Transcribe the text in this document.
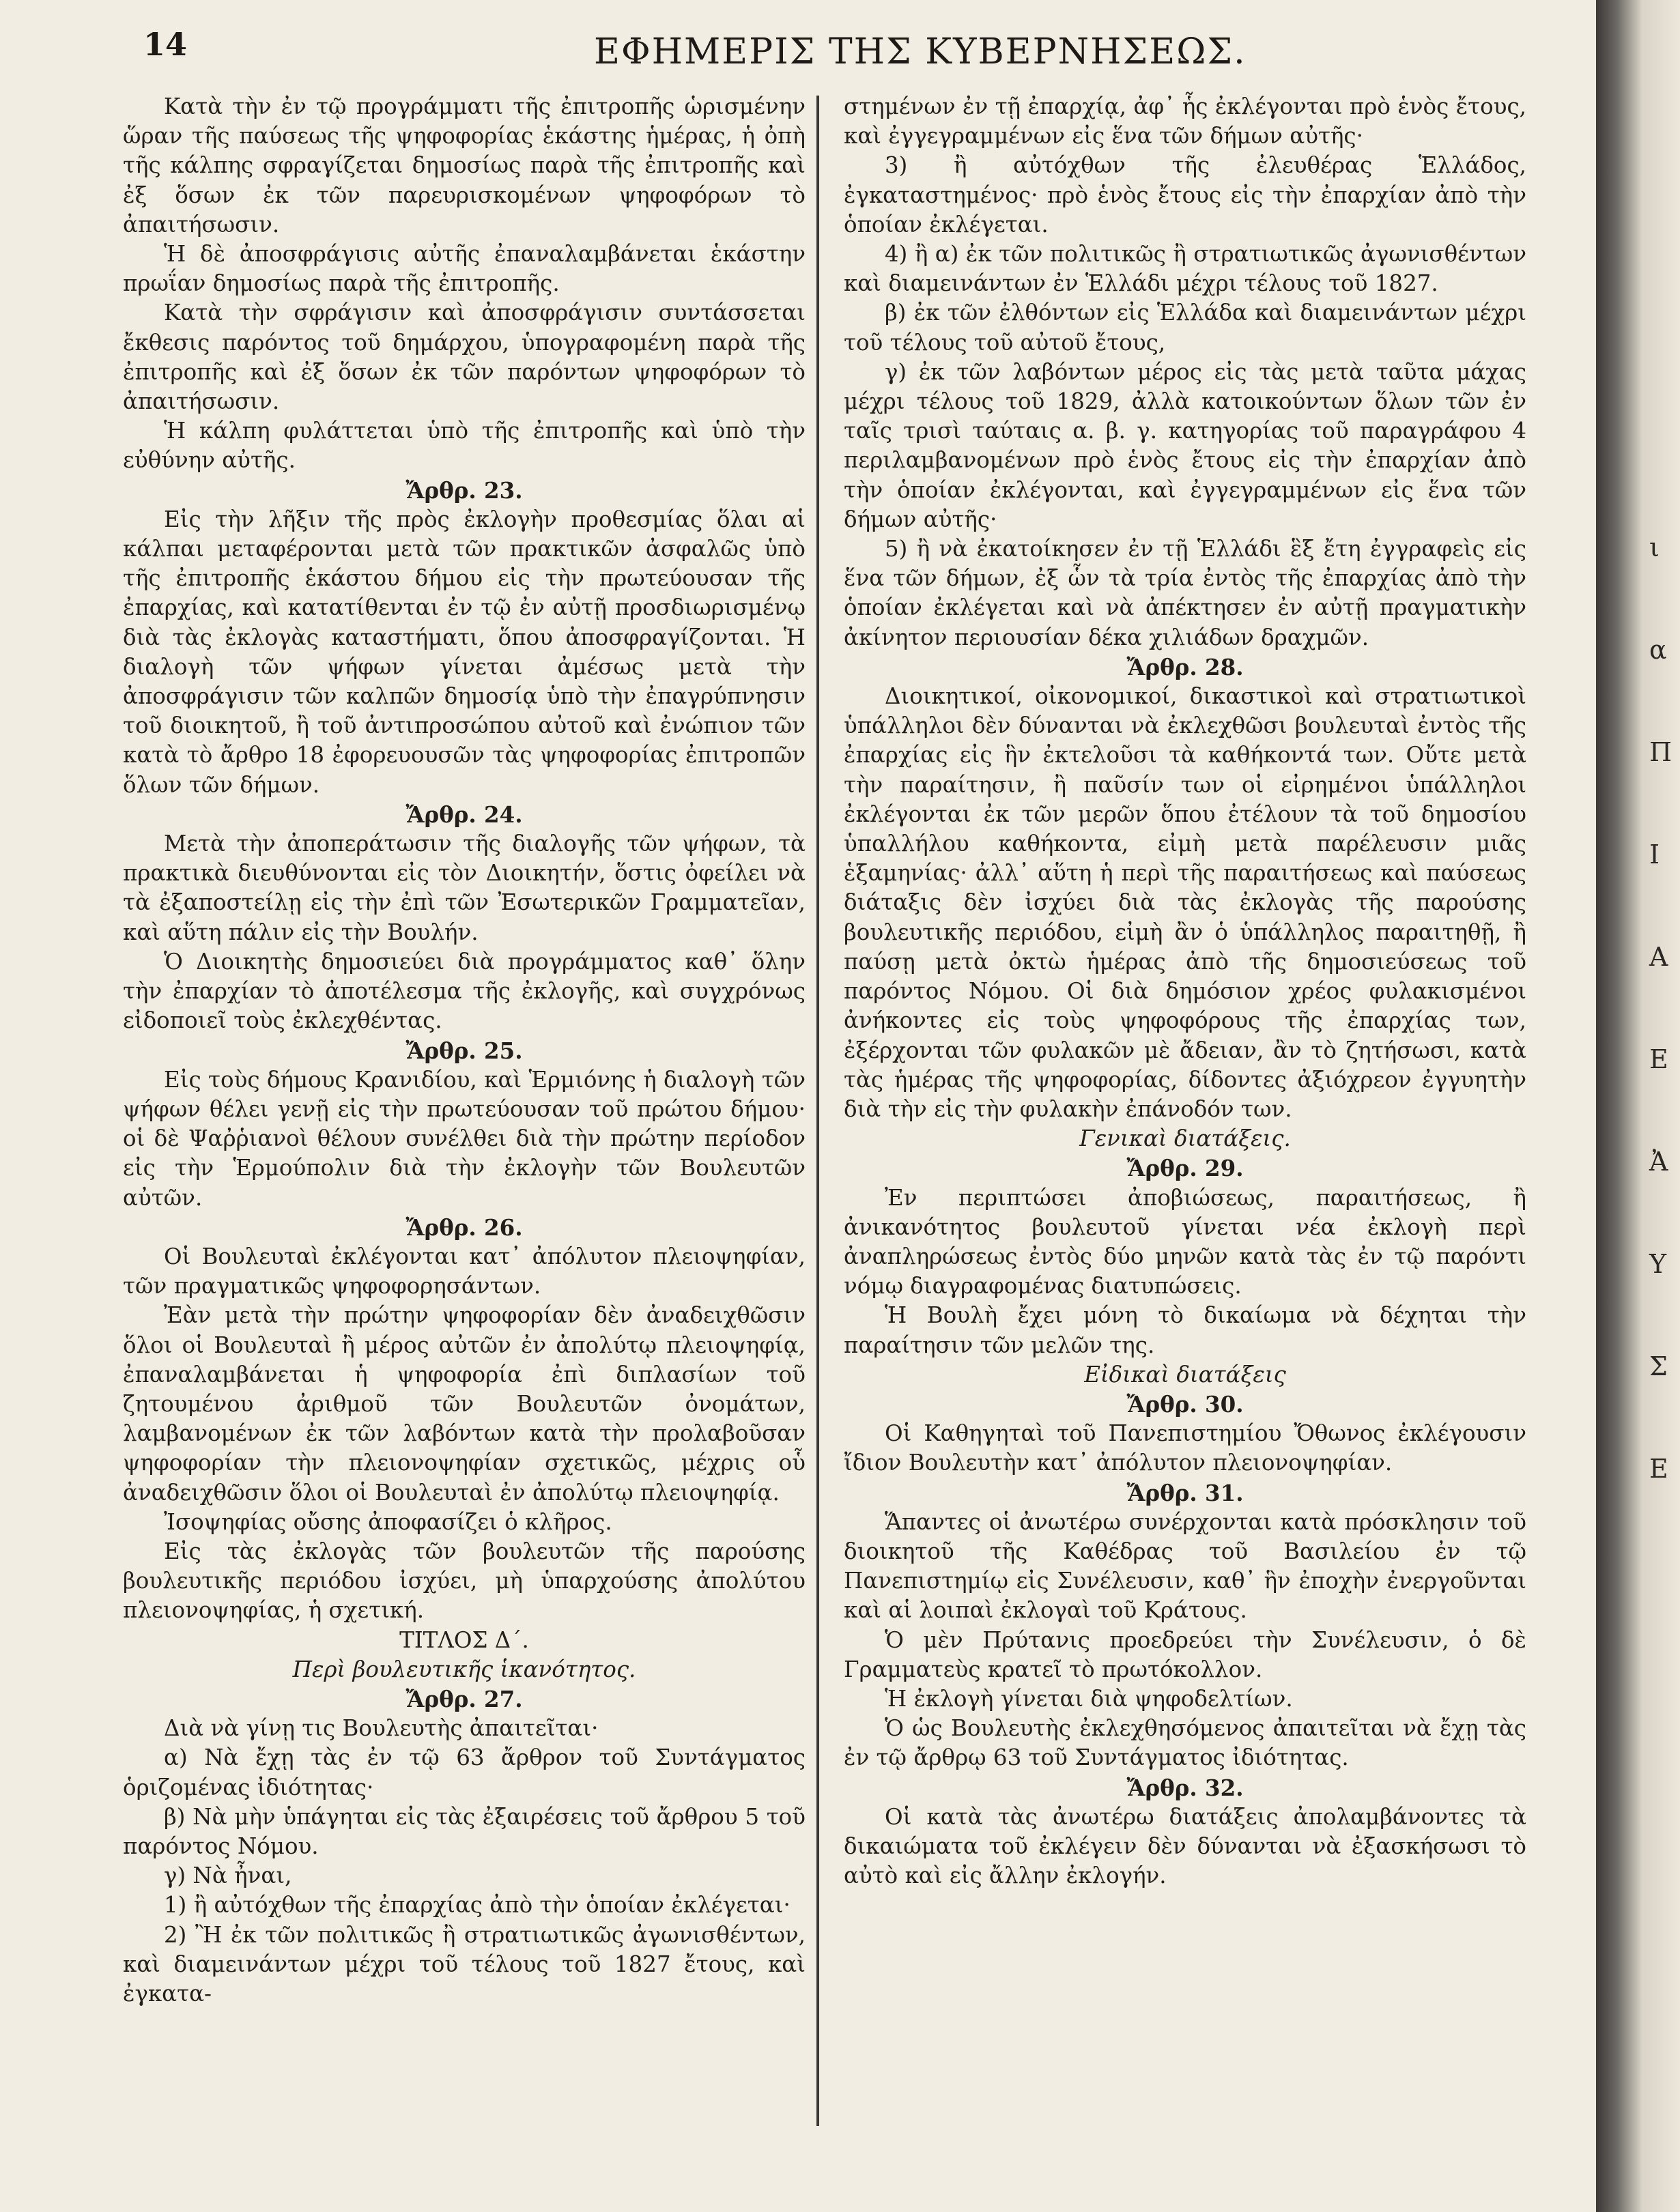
14	ΕΦΗΜΕΡΙΣ ΤΗΣ ΚΥΒΕΡΝΗΣΕΩΣ.

Κατὰ τὴν ἐν τῷ προγράμματι τῆς ἐπιτροπῆς ὡρισμένην ὥραν τῆς παύσεως τῆς ψηφοφορίας ἑκάστης ἡμέρας, ἡ ὀπὴ τῆς κάλπης σφραγίζεται δημοσίως παρὰ τῆς ἐπιτροπῆς καὶ ἐξ ὅσων ἐκ τῶν παρευρισκομένων ψηφοφόρων τὸ ἀπαιτήσωσιν.

Ἡ δὲ ἀποσφράγισις αὐτῆς ἐπαναλαμβάνεται ἑκάστην πρωΐαν δημοσίως παρὰ τῆς ἐπιτροπῆς.

Κατὰ τὴν σφράγισιν καὶ ἀποσφράγισιν συντάσσεται ἔκθεσις παρόντος τοῦ δημάρχου, ὑπογραφομένη παρὰ τῆς ἐπιτροπῆς καὶ ἐξ ὅσων ἐκ τῶν παρόντων ψηφοφόρων τὸ ἀπαιτήσωσιν.

Ἡ κάλπη φυλάττεται ὑπὸ τῆς ἐπιτροπῆς καὶ ὑπὸ τὴν εὐθύνην αὐτῆς.

Ἄρθρ. 23.

Εἰς τὴν λῆξιν τῆς πρὸς ἐκλογὴν προθεσμίας ὅλαι αἱ κάλπαι μεταφέρονται μετὰ τῶν πρακτικῶν ἀσφαλῶς ὑπὸ τῆς ἐπιτροπῆς ἑκάστου δήμου εἰς τὴν πρωτεύουσαν τῆς ἐπαρχίας, καὶ κατατίθενται ἐν τῷ ἐν αὐτῇ προσδιωρισμένῳ διὰ τὰς ἐκλογὰς καταστήματι, ὅπου ἀποσφραγίζονται. Ἡ διαλογὴ τῶν ψήφων γίνεται ἀμέσως μετὰ τὴν ἀποσφράγισιν τῶν καλπῶν δημοσίᾳ ὑπὸ τὴν ἐπαγρύπνησιν τοῦ διοικητοῦ, ἢ τοῦ ἀντιπροσώπου αὐτοῦ καὶ ἐνώπιον τῶν κατὰ τὸ ἄρθρο 18 ἐφορευουσῶν τὰς ψηφοφορίας ἐπιτροπῶν ὅλων τῶν δήμων.

Ἄρθρ. 24.

Μετὰ τὴν ἀποπεράτωσιν τῆς διαλογῆς τῶν ψήφων, τὰ πρακτικὰ διευθύνονται εἰς τὸν Διοικητήν, ὅστις ὀφείλει νὰ τὰ ἐξαποστείλῃ εἰς τὴν ἐπὶ τῶν Ἐσωτερικῶν Γραμματεῖαν, καὶ αὕτη πάλιν εἰς τὴν Βουλήν.

Ὁ Διοικητὴς δημοσιεύει διὰ προγράμματος καθ᾽ ὅλην τὴν ἐπαρχίαν τὸ ἀποτέλεσμα τῆς ἐκλογῆς, καὶ συγχρόνως εἰδοποιεῖ τοὺς ἐκλεχθέντας.

Ἄρθρ. 25.

Εἰς τοὺς δήμους Κρανιδίου, καὶ Ἑρμιόνης ἡ διαλογὴ τῶν ψήφων θέλει γενῇ εἰς τὴν πρωτεύουσαν τοῦ πρώτου δήμου· οἱ δὲ Ψαῤῥιανοὶ θέλουν συνέλθει διὰ τὴν πρώτην περίοδον εἰς τὴν Ἑρμούπολιν διὰ τὴν ἐκλογὴν τῶν Βουλευτῶν αὐτῶν.

Ἄρθρ. 26.

Οἱ Βουλευταὶ ἐκλέγονται κατ᾽ ἀπόλυτον πλειοψηφίαν, τῶν πραγματικῶς ψηφοφορησάντων.

Ἐὰν μετὰ τὴν πρώτην ψηφοφορίαν δὲν ἀναδειχθῶσιν ὅλοι οἱ Βουλευταὶ ἢ μέρος αὐτῶν ἐν ἀπολύτῳ πλειοψηφίᾳ, ἐπαναλαμβάνεται ἡ ψηφοφορία ἐπὶ διπλασίων τοῦ ζητουμένου ἀριθμοῦ τῶν Βουλευτῶν ὀνομάτων, λαμβανομένων ἐκ τῶν λαβόντων κατὰ τὴν προλαβοῦσαν ψηφοφορίαν τὴν πλειονοψηφίαν σχετικῶς, μέχρις οὗ ἀναδειχθῶσιν ὅλοι οἱ Βουλευταὶ ἐν ἀπολύτῳ πλειοψηφίᾳ.

Ἰσοψηφίας οὔσης ἀποφασίζει ὁ κλῆρος.

Εἰς τὰς ἐκλογὰς τῶν βουλευτῶν τῆς παρούσης βουλευτικῆς περιόδου ἰσχύει, μὴ ὑπαρχούσης ἀπολύτου πλειονοψηφίας, ἡ σχετική.

ΤΙΤΛΟΣ Δ΄.

Περὶ βουλευτικῆς ἱκανότητος.

Ἄρθρ. 27.

Διὰ νὰ γίνῃ τις Βουλευτὴς ἀπαιτεῖται·

α) Νὰ ἔχῃ τὰς ἐν τῷ 63 ἄρθρον τοῦ Συντάγματος ὁριζομένας ἰδιότητας·

β) Νὰ μὴν ὑπάγηται εἰς τὰς ἐξαιρέσεις τοῦ ἄρθρου 5 τοῦ παρόντος Νόμου.

γ) Νὰ ἦναι,

1) ἢ αὐτόχθων τῆς ἐπαρχίας ἀπὸ τὴν ὁποίαν ἐκλέγεται·

2) Ἢ ἐκ τῶν πολιτικῶς ἢ στρατιωτικῶς ἀγωνισθέντων, καὶ διαμεινάντων μέχρι τοῦ τέλους τοῦ 1827 ἔτους, καὶ ἐγκατα-

στημένων ἐν τῇ ἐπαρχίᾳ, ἀφ᾽ ἧς ἐκλέγονται πρὸ ἑνὸς ἔτους, καὶ ἐγγεγραμμένων εἰς ἕνα τῶν δήμων αὐτῆς·

3) ἢ αὐτόχθων τῆς ἐλευθέρας Ἑλλάδος, ἐγκαταστημένος· πρὸ ἑνὸς ἔτους εἰς τὴν ἐπαρχίαν ἀπὸ τὴν ὁποίαν ἐκλέγεται.

4) ἢ α) ἐκ τῶν πολιτικῶς ἢ στρατιωτικῶς ἀγωνισθέντων καὶ διαμεινάντων ἐν Ἑλλάδι μέχρι τέλους τοῦ 1827.

β) ἐκ τῶν ἐλθόντων εἰς Ἑλλάδα καὶ διαμεινάντων μέχρι τοῦ τέλους τοῦ αὐτοῦ ἔτους,

γ) ἐκ τῶν λαβόντων μέρος εἰς τὰς μετὰ ταῦτα μάχας μέχρι τέλους τοῦ 1829, ἀλλὰ κατοικούντων ὅλων τῶν ἐν ταῖς τρισὶ ταύταις α. β. γ. κατηγορίας τοῦ παραγράφου 4 περιλαμβανομένων πρὸ ἑνὸς ἔτους εἰς τὴν ἐπαρχίαν ἀπὸ τὴν ὁποίαν ἐκλέγονται, καὶ ἐγγεγραμμένων εἰς ἕνα τῶν δήμων αὐτῆς·

5) ἢ νὰ ἐκατοίκησεν ἐν τῇ Ἑλλάδι ἓξ ἔτη ἐγγραφεὶς εἰς ἕνα τῶν δήμων, ἐξ ὧν τὰ τρία ἐντὸς τῆς ἐπαρχίας ἀπὸ τὴν ὁποίαν ἐκλέγεται καὶ νὰ ἀπέκτησεν ἐν αὐτῇ πραγματικὴν ἀκίνητον περιουσίαν δέκα χιλιάδων δραχμῶν.

Ἄρθρ. 28.

Διοικητικοί, οἰκονομικοί, δικαστικοὶ καὶ στρατιωτικοὶ ὑπάλληλοι δὲν δύνανται νὰ ἐκλεχθῶσι βουλευταὶ ἐντὸς τῆς ἐπαρχίας εἰς ἣν ἐκτελοῦσι τὰ καθήκοντά των. Οὔτε μετὰ τὴν παραίτησιν, ἢ παῦσίν των οἱ εἰρημένοι ὑπάλληλοι ἐκλέγονται ἐκ τῶν μερῶν ὅπου ἐτέλουν τὰ τοῦ δημοσίου ὑπαλλήλου καθήκοντα, εἰμὴ μετὰ παρέλευσιν μιᾶς ἑξαμηνίας· ἀλλ᾽ αὕτη ἡ περὶ τῆς παραιτήσεως καὶ παύσεως διάταξις δὲν ἰσχύει διὰ τὰς ἐκλογὰς τῆς παρούσης βουλευτικῆς περιόδου, εἰμὴ ἂν ὁ ὑπάλληλος παραιτηθῇ, ἢ παύσῃ μετὰ ὀκτὼ ἡμέρας ἀπὸ τῆς δημοσιεύσεως τοῦ παρόντος Νόμου. Οἱ διὰ δημόσιον χρέος φυλακισμένοι ἀνήκοντες εἰς τοὺς ψηφοφόρους τῆς ἐπαρχίας των, ἐξέρχονται τῶν φυλακῶν μὲ ἄδειαν, ἂν τὸ ζητήσωσι, κατὰ τὰς ἡμέρας τῆς ψηφοφορίας, δίδοντες ἀξιόχρεον ἐγγυητὴν διὰ τὴν εἰς τὴν φυλακὴν ἐπάνοδόν των.

Γενικαὶ διατάξεις.

Ἄρθρ. 29.

Ἐν περιπτώσει ἀποβιώσεως, παραιτήσεως, ἢ ἀνικανότητος βουλευτοῦ γίνεται νέα ἐκλογὴ περὶ ἀναπληρώσεως ἐντὸς δύο μηνῶν κατὰ τὰς ἐν τῷ παρόντι νόμῳ διαγραφομένας διατυπώσεις.

Ἡ Βουλὴ ἔχει μόνη τὸ δικαίωμα νὰ δέχηται τὴν παραίτησιν τῶν μελῶν της.

Εἰδικαὶ διατάξεις

Ἄρθρ. 30.

Οἱ Καθηγηταὶ τοῦ Πανεπιστημίου Ὄθωνος ἐκλέγουσιν ἴδιον Βουλευτὴν κατ᾽ ἀπόλυτον πλειονοψηφίαν.

Ἄρθρ. 31.

Ἅπαντες οἱ ἀνωτέρω συνέρχονται κατὰ πρόσκλησιν τοῦ διοικητοῦ τῆς Καθέδρας τοῦ Βασιλείου ἐν τῷ Πανεπιστημίῳ εἰς Συνέλευσιν, καθ᾽ ἣν ἐποχὴν ἐνεργοῦνται καὶ αἱ λοιπαὶ ἐκλογαὶ τοῦ Κράτους.

Ὁ μὲν Πρύτανις προεδρεύει τὴν Συνέλευσιν, ὁ δὲ Γραμματεὺς κρατεῖ τὸ πρωτόκολλον.

Ἡ ἐκλογὴ γίνεται διὰ ψηφοδελτίων.

Ὁ ὡς Βουλευτὴς ἐκλεχθησόμενος ἀπαιτεῖται νὰ ἔχῃ τὰς ἐν τῷ ἄρθρῳ 63 τοῦ Συντάγματος ἰδιότητας.

Ἄρθρ. 32.

Οἱ κατὰ τὰς ἀνωτέρω διατάξεις ἀπολαμβάνοντες τὰ δικαιώματα τοῦ ἐκλέγειν δὲν δύνανται νὰ ἐξασκήσωσι τὸ αὐτὸ καὶ εἰς ἄλλην ἐκλογήν.

ι
α
Π
Ι
Α
Ε
Ἀ
Υ
Σ
Ε
